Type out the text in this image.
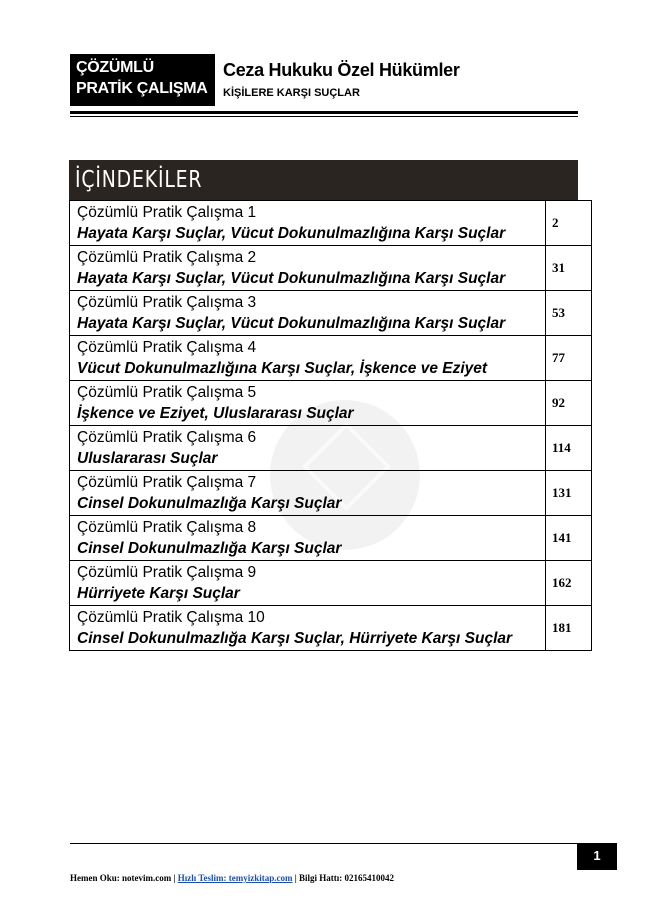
ÇÖZÜMLÜ
PRATİK ÇALIŞMA
Ceza Hukuku Özel Hükümler
KİŞİLERE KARŞI SUÇLAR
İÇİNDEKİLER
Çözümlü Pratik Çalışma 1
Hayata Karşı Suçlar, Vücut Dokunulmazlığına Karşı Suçlar	2

Çözümlü Pratik Çalışma 2
Hayata Karşı Suçlar, Vücut Dokunulmazlığına Karşı Suçlar	31

Çözümlü Pratik Çalışma 3
Hayata Karşı Suçlar, Vücut Dokunulmazlığına Karşı Suçlar	53

Çözümlü Pratik Çalışma 4
Vücut Dokunulmazlığına Karşı Suçlar, İşkence ve Eziyet	77

Çözümlü Pratik Çalışma 5
İşkence ve Eziyet, Uluslararası Suçlar	92

Çözümlü Pratik Çalışma 6
Uluslararası Suçlar	114

Çözümlü Pratik Çalışma 7
Cinsel Dokunulmazlığa Karşı Suçlar	131

Çözümlü Pratik Çalışma 8
Cinsel Dokunulmazlığa Karşı Suçlar	141

Çözümlü Pratik Çalışma 9
Hürriyete Karşı Suçlar	162

Çözümlü Pratik Çalışma 10
Cinsel Dokunulmazlığa Karşı Suçlar, Hürriyete Karşı Suçlar	181
1
Hemen Oku: notevim.com | Hızlı Teslim: temyizkitap.com | Bilgi Hattı: 02165410042
